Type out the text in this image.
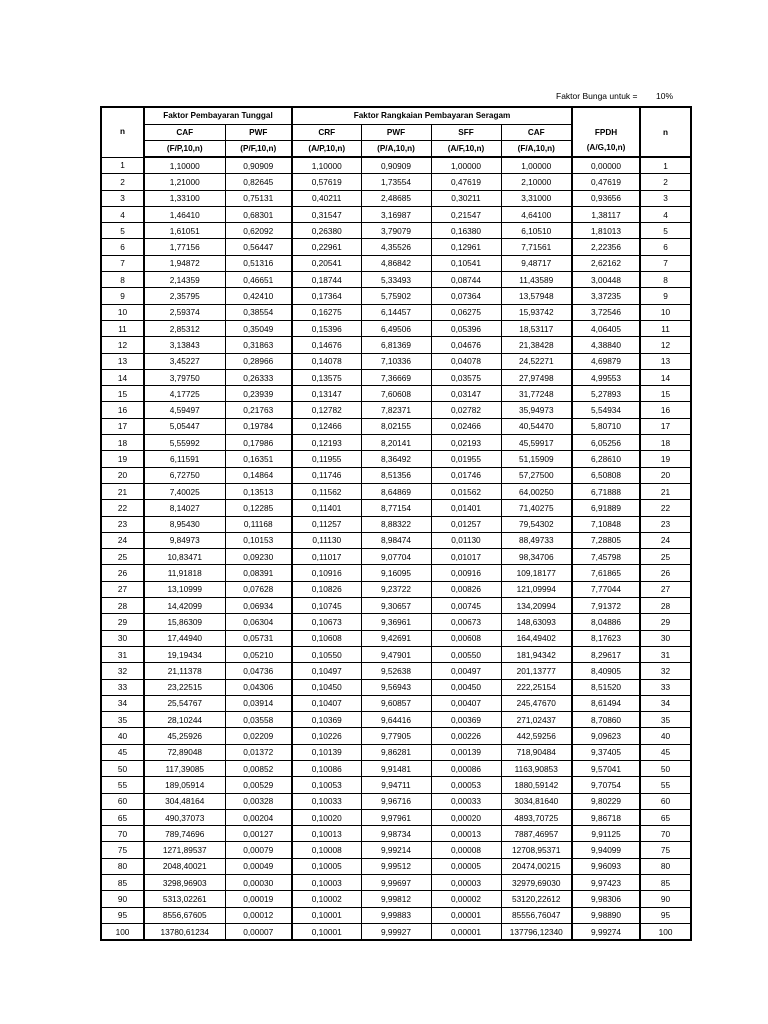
Faktor Bunga untuk = 10%
n	Faktor Pembayaran Tunggal		Faktor Rangkaian Pembayaran Seragam					
	CAF	PWF	CRF	PWF	SFF	CAF	FPDH	n
	(F/P,10,n)	(P/F,10,n)	(A/P,10,n)	(P/A,10,n)	(A/F,10,n)	(F/A,10,n)	(A/G,10,n)	
1	1,10000	0,90909	1,10000	0,90909	1,00000	1,00000	0,00000	1
2	1,21000	0,82645	0,57619	1,73554	0,47619	2,10000	0,47619	2
3	1,33100	0,75131	0,40211	2,48685	0,30211	3,31000	0,93656	3
4	1,46410	0,68301	0,31547	3,16987	0,21547	4,64100	1,38117	4
5	1,61051	0,62092	0,26380	3,79079	0,16380	6,10510	1,81013	5
6	1,77156	0,56447	0,22961	4,35526	0,12961	7,71561	2,22356	6
7	1,94872	0,51316	0,20541	4,86842	0,10541	9,48717	2,62162	7
8	2,14359	0,46651	0,18744	5,33493	0,08744	11,43589	3,00448	8
9	2,35795	0,42410	0,17364	5,75902	0,07364	13,57948	3,37235	9
10	2,59374	0,38554	0,16275	6,14457	0,06275	15,93742	3,72546	10
11	2,85312	0,35049	0,15396	6,49506	0,05396	18,53117	4,06405	11
12	3,13843	0,31863	0,14676	6,81369	0,04676	21,38428	4,38840	12
13	3,45227	0,28966	0,14078	7,10336	0,04078	24,52271	4,69879	13
14	3,79750	0,26333	0,13575	7,36669	0,03575	27,97498	4,99553	14
15	4,17725	0,23939	0,13147	7,60608	0,03147	31,77248	5,27893	15
16	4,59497	0,21763	0,12782	7,82371	0,02782	35,94973	5,54934	16
17	5,05447	0,19784	0,12466	8,02155	0,02466	40,54470	5,80710	17
18	5,55992	0,17986	0,12193	8,20141	0,02193	45,59917	6,05256	18
19	6,11591	0,16351	0,11955	8,36492	0,01955	51,15909	6,28610	19
20	6,72750	0,14864	0,11746	8,51356	0,01746	57,27500	6,50808	20
21	7,40025	0,13513	0,11562	8,64869	0,01562	64,00250	6,71888	21
22	8,14027	0,12285	0,11401	8,77154	0,01401	71,40275	6,91889	22
23	8,95430	0,11168	0,11257	8,88322	0,01257	79,54302	7,10848	23
24	9,84973	0,10153	0,11130	8,98474	0,01130	88,49733	7,28805	24
25	10,83471	0,09230	0,11017	9,07704	0,01017	98,34706	7,45798	25
26	11,91818	0,08391	0,10916	9,16095	0,00916	109,18177	7,61865	26
27	13,10999	0,07628	0,10826	9,23722	0,00826	121,09994	7,77044	27
28	14,42099	0,06934	0,10745	9,30657	0,00745	134,20994	7,91372	28
29	15,86309	0,06304	0,10673	9,36961	0,00673	148,63093	8,04886	29
30	17,44940	0,05731	0,10608	9,42691	0,00608	164,49402	8,17623	30
31	19,19434	0,05210	0,10550	9,47901	0,00550	181,94342	8,29617	31
32	21,11378	0,04736	0,10497	9,52638	0,00497	201,13777	8,40905	32
33	23,22515	0,04306	0,10450	9,56943	0,00450	222,25154	8,51520	33
34	25,54767	0,03914	0,10407	9,60857	0,00407	245,47670	8,61494	34
35	28,10244	0,03558	0,10369	9,64416	0,00369	271,02437	8,70860	35
40	45,25926	0,02209	0,10226	9,77905	0,00226	442,59256	9,09623	40
45	72,89048	0,01372	0,10139	9,86281	0,00139	718,90484	9,37405	45
50	117,39085	0,00852	0,10086	9,91481	0,00086	1163,90853	9,57041	50
55	189,05914	0,00529	0,10053	9,94711	0,00053	1880,59142	9,70754	55
60	304,48164	0,00328	0,10033	9,96716	0,00033	3034,81640	9,80229	60
65	490,37073	0,00204	0,10020	9,97961	0,00020	4893,70725	9,86718	65
70	789,74696	0,00127	0,10013	9,98734	0,00013	7887,46957	9,91125	70
75	1271,89537	0,00079	0,10008	9,99214	0,00008	12708,95371	9,94099	75
80	2048,40021	0,00049	0,10005	9,99512	0,00005	20474,00215	9,96093	80
85	3298,96903	0,00030	0,10003	9,99697	0,00003	32979,69030	9,97423	85
90	5313,02261	0,00019	0,10002	9,99812	0,00002	53120,22612	9,98306	90
95	8556,67605	0,00012	0,10001	9,99883	0,00001	85556,76047	9,98890	95
100	13780,61234	0,00007	0,10001	9,99927	0,00001	137796,12340	9,99274	100
